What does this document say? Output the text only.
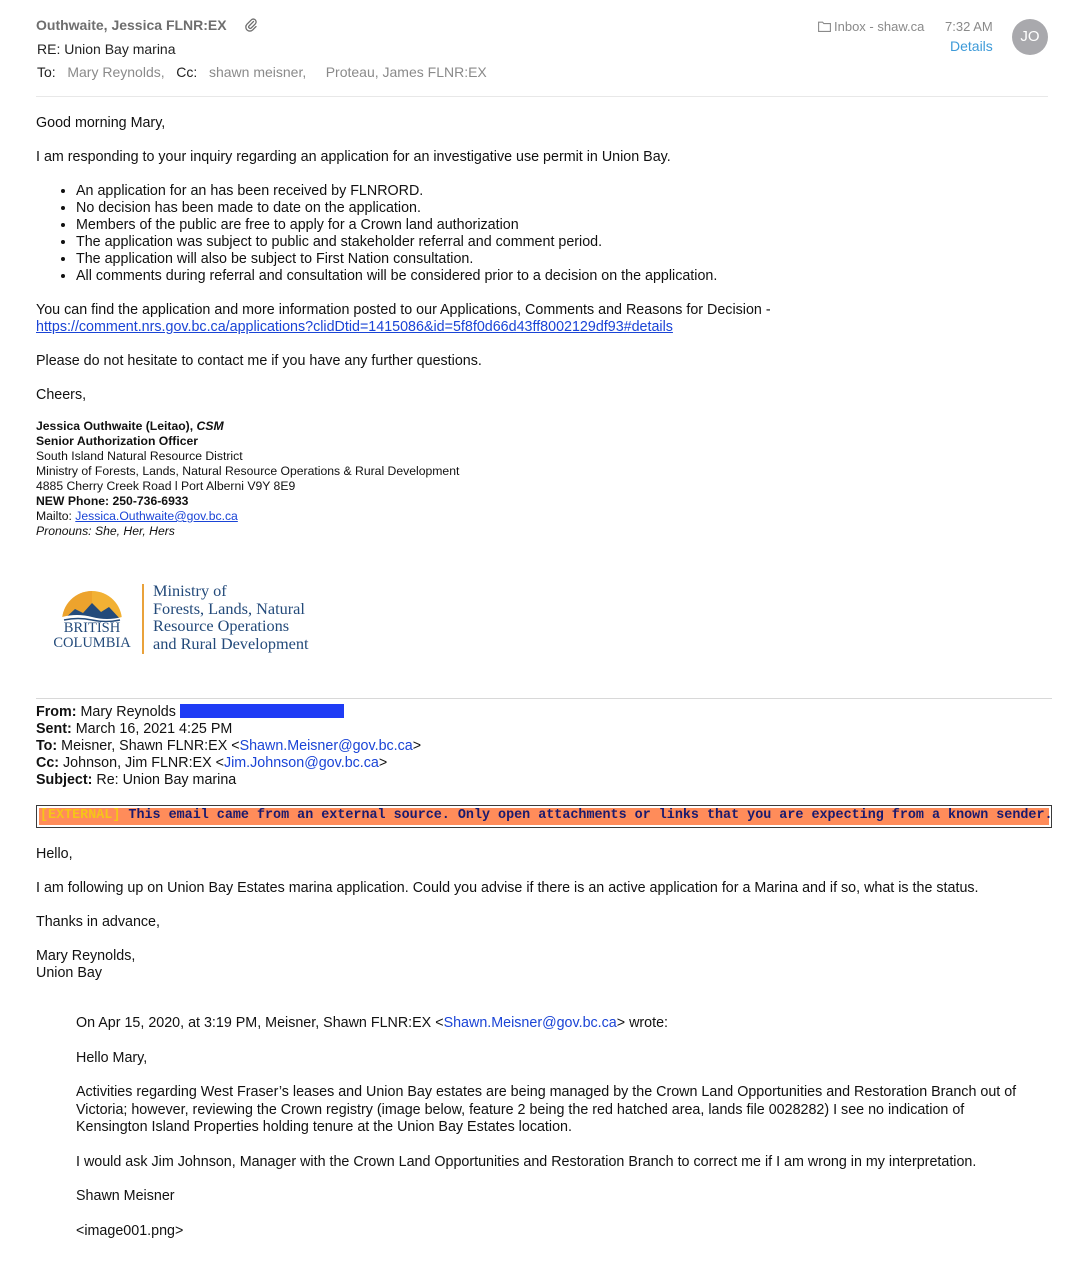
Outhwaite, Jessica FLNR:EX
RE: Union Bay marina
To: Mary Reynolds, Cc: shawn meisner, Proteau, James FLNR:EX
Inbox - shaw.ca 7:32 AM
Details
JO

Good morning Mary,

I am responding to your inquiry regarding an application for an investigative use permit in Union Bay.

• An application for an has been received by FLNRORD.
• No decision has been made to date on the application.
• Members of the public are free to apply for a Crown land authorization
• The application was subject to public and stakeholder referral and comment period.
• The application will also be subject to First Nation consultation.
• All comments during referral and consultation will be considered prior to a decision on the application.

You can find the application and more information posted to our Applications, Comments and Reasons for Decision -
https://comment.nrs.gov.bc.ca/applications?clidDtid=1415086&id=5f8f0d66d43ff8002129df93#details

Please do not hesitate to contact me if you have any further questions.

Cheers,

Jessica Outhwaite (Leitao), CSM
Senior Authorization Officer
South Island Natural Resource District
Ministry of Forests, Lands, Natural Resource Operations & Rural Development
4885 Cherry Creek Road l Port Alberni V9Y 8E9
NEW Phone: 250-736-6933
Mailto: Jessica.Outhwaite@gov.bc.ca
Pronouns: She, Her, Hers
BRITISH
COLUMBIA
Ministry of
Forests, Lands, Natural
Resource Operations
and Rural Development
From: Mary Reynolds
Sent: March 16, 2021 4:25 PM
To: Meisner, Shawn FLNR:EX <Shawn.Meisner@gov.bc.ca>
Cc: Johnson, Jim FLNR:EX <Jim.Johnson@gov.bc.ca>
Subject: Re: Union Bay marina
[EXTERNAL] This email came from an external source. Only open attachments or links that you are expecting from a known sender.

Hello,

I am following up on Union Bay Estates marina application. Could you advise if there is an active application for a Marina and if so, what is the status.

Thanks in advance,

Mary Reynolds,
Union Bay

On Apr 15, 2020, at 3:19 PM, Meisner, Shawn FLNR:EX <Shawn.Meisner@gov.bc.ca> wrote:

Hello Mary,

Activities regarding West Fraser’s leases and Union Bay estates are being managed by the Crown Land Opportunities and Restoration Branch out of Victoria; however, reviewing the Crown registry (image below, feature 2 being the red hatched area, lands file 0028282) I see no indication of Kensington Island Properties holding tenure at the Union Bay Estates location.

I would ask Jim Johnson, Manager with the Crown Land Opportunities and Restoration Branch to correct me if I am wrong in my interpretation.

Shawn Meisner

<image001.png>
